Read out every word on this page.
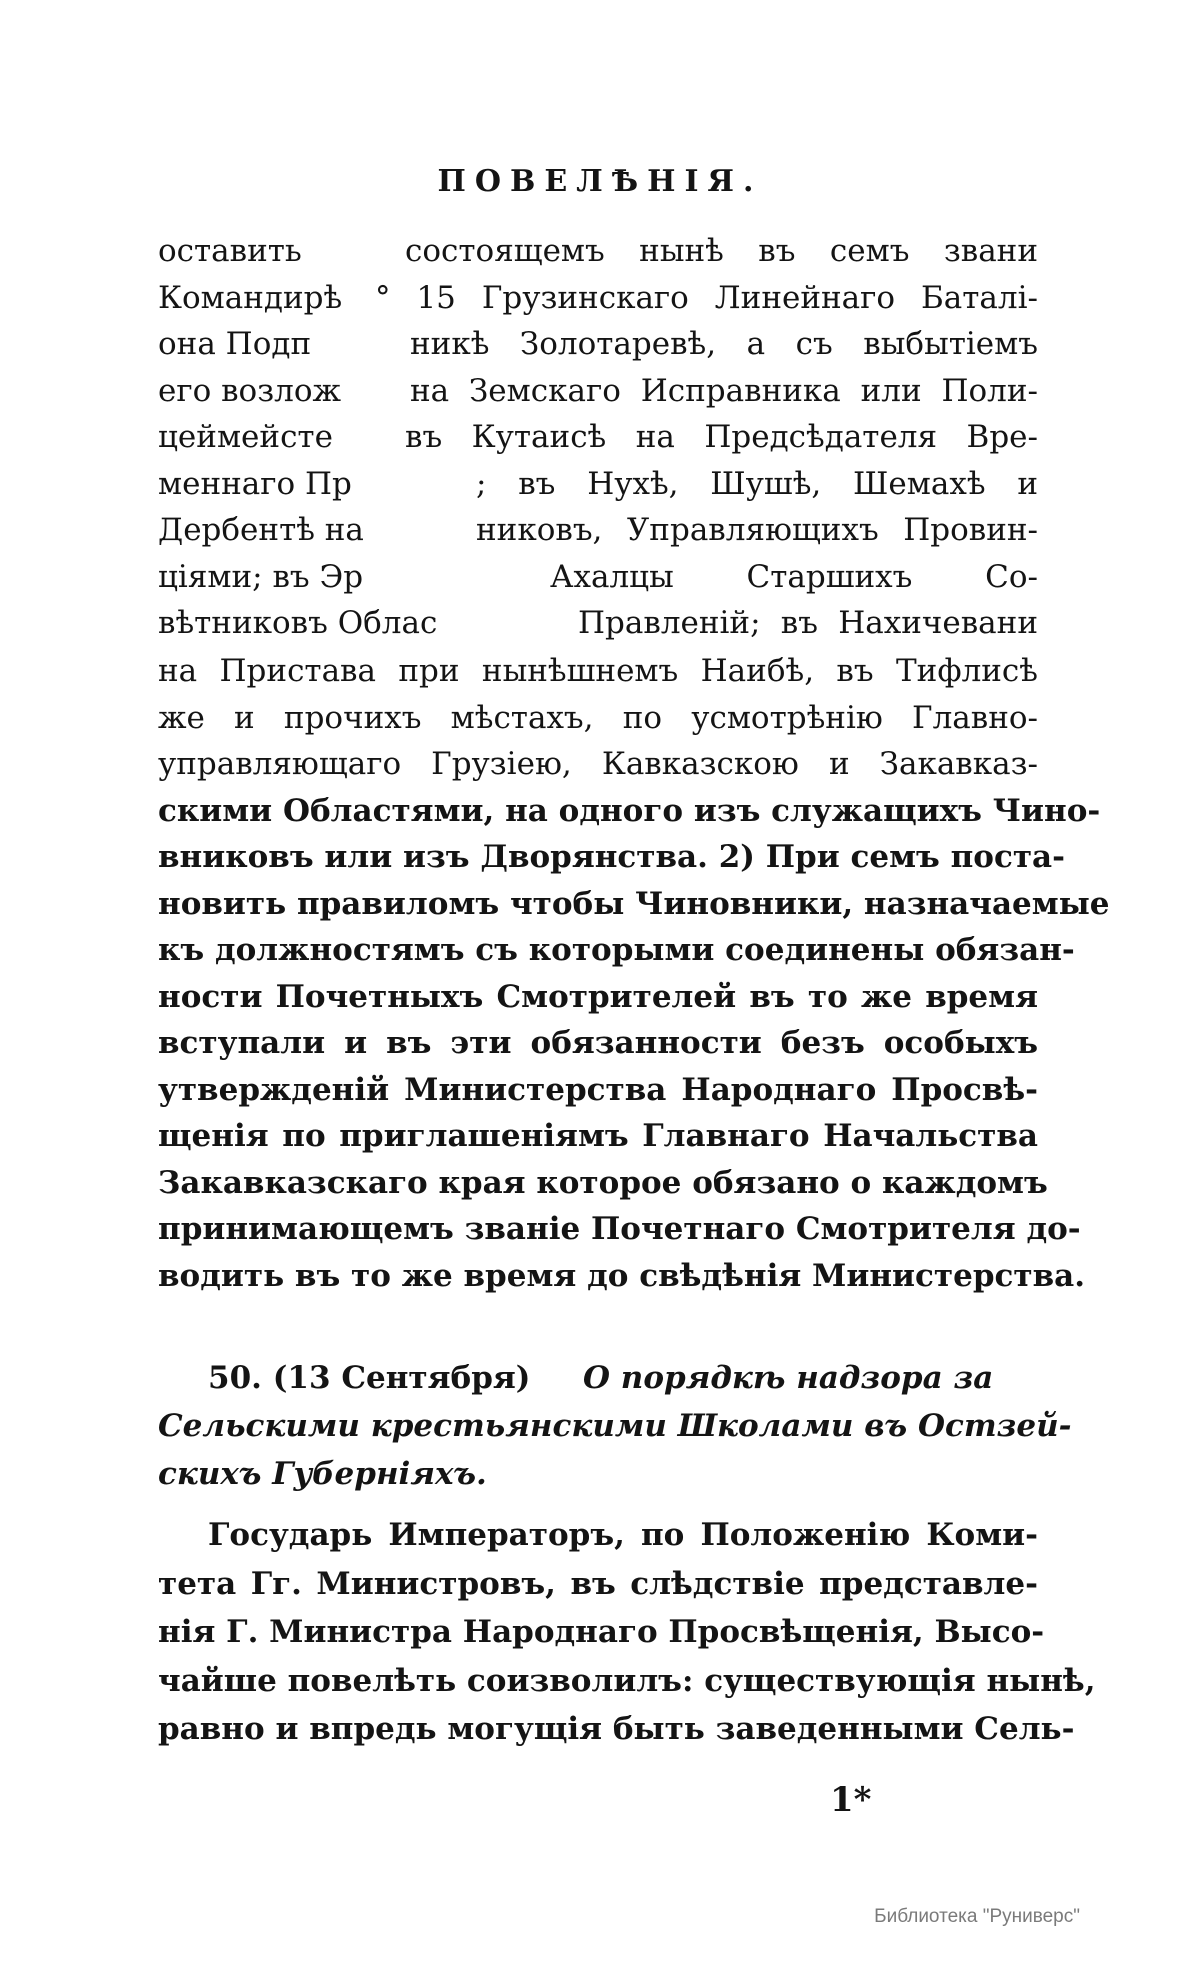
ПОВЕЛѢНІЯ.
оставить	состоящемъ нынѣ въ семъ звани
Командирѣ ° 15 Грузинскаго Линейнаго Баталі-
она Подп	никѣ Золотаревѣ, а съ выбытіемъ
его возлож на Земскаго Исправника или Поли-
цеймейсте въ Кутаисѣ на Предсѣдателя Вре-
меннаго Пр	; въ Нухѣ, Шушѣ, Шемахѣ и
Дербентѣ на	никовъ, Управляющихъ Провин-
ціями; въ Эр	Ахалцы Старшихъ Со-
вѣтниковъ Облас	Правленій; въ Нахичевани
на Пристава при нынѣшнемъ Наибѣ, въ Тифлисѣ
же и прочихъ мѣстахъ, по усмотрѣнію Главно-
управляющаго Грузіею, Кавказскою и Закавказ-
скими Областями, на одного изъ служащихъ Чино-
вниковъ или изъ Дворянства. 2) При семъ поста-
новить правиломъ чтобы Чиновники, назначаемые
къ должностямъ съ которыми соединены обязан-
ности Почетныхъ Смотрителей въ то же время
вступали и въ эти обязанности безъ особыхъ
утвержденій Министерства Народнаго Просвѣ-
щенія по приглашеніямъ Главнаго Начальства
Закавказскаго края которое обязано о каждомъ
принимающемъ званіе Почетнаго Смотрителя до-
водить въ то же время до свѣдѣнія Министерства.
50. (13 Сентября) О порядкѣ надзора за
Сельскими крестьянскими Школами въ Остзей-
скихъ Губерніяхъ.
Государь Императоръ, по Положенію Коми-
тета Гг. Министровъ, въ слѣдствіе представле-
нія Г. Министра Народнаго Просвѣщенія, Высо-
чайше повелѣть соизволилъ: существующія нынѣ,
равно и впредь могущія быть заведенными Сель-
1*
Библиотека "Руниверс"
